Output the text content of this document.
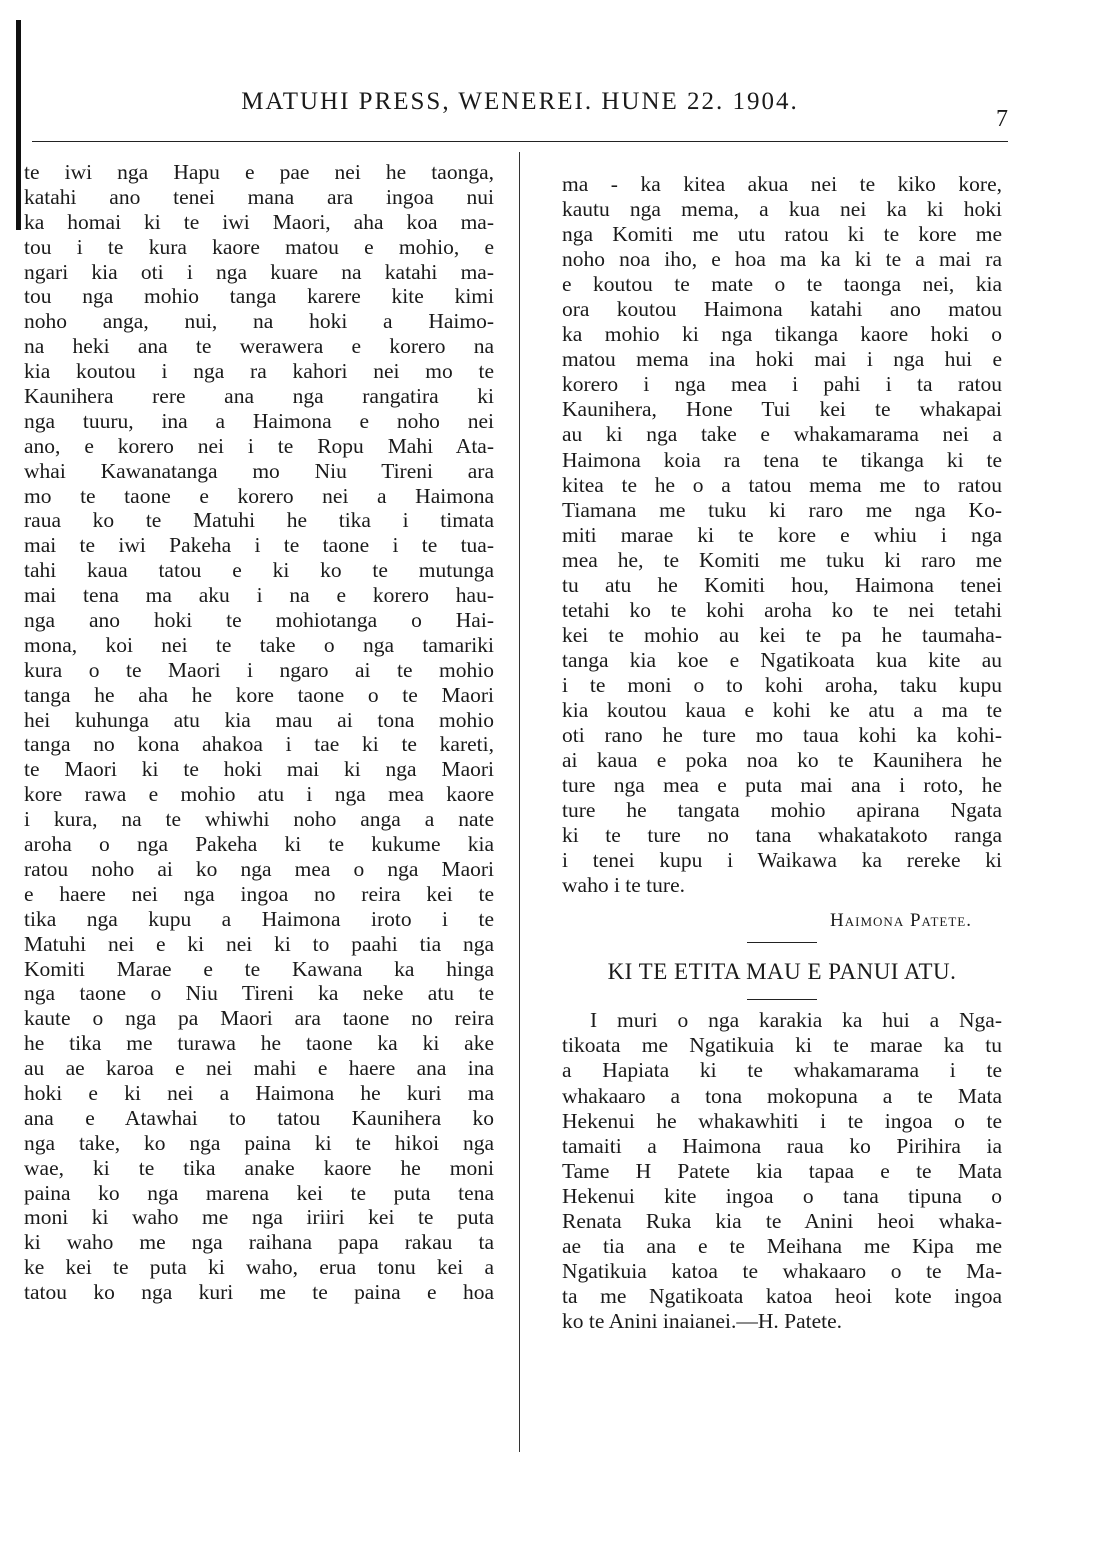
MATUHI PRESS, WENEREI. HUNE 22. 1904.
7
te iwi nga Hapu e pae nei he taonga,
katahi ano tenei mana ara ingoa nui
ka homai ki te iwi Maori, aha koa ma-
tou i te kura kaore matou e mohio, e
ngari kia oti i nga kuare na katahi ma-
tou nga mohio tanga karere kite kimi
noho anga, nui, na hoki a Haimo-
na heki ana te werawera e korero na
kia koutou i nga ra kahori nei mo te
Kaunihera rere ana nga rangatira ki
nga tuuru, ina a Haimona e noho nei
ano, e korero nei i te Ropu Mahi Ata-
whai Kawanatanga mo Niu Tireni ara
mo te taone e korero nei a Haimona
raua ko te Matuhi he tika i timata
mai te iwi Pakeha i te taone i te tua-
tahi kaua tatou e ki ko te mutunga
mai tena ma aku i na e korero hau-
nga ano hoki te mohiotanga o Hai-
mona, koi nei te take o nga tamariki
kura o te Maori i ngaro ai te mohio
tanga he aha he kore taone o te Maori
hei kuhunga atu kia mau ai tona mohio
tanga no kona ahakoa i tae ki te kareti,
te Maori ki te hoki mai ki nga Maori
kore rawa e mohio atu i nga mea kaore
i kura, na te whiwhi noho anga a nate
aroha o nga Pakeha ki te kukume kia
ratou noho ai ko nga mea o nga Maori
e haere nei nga ingoa no reira kei te
tika nga kupu a Haimona iroto i te
Matuhi nei e ki nei ki to paahi tia nga
Komiti Marae e te Kawana ka hinga
nga taone o Niu Tireni ka neke atu te
kaute o nga pa Maori ara taone no reira
he tika me turawa he taone ka ki ake
au ae karoa e nei mahi e haere ana ina
hoki e ki nei a Haimona he kuri ma
ana e Atawhai to tatou Kaunihera ko
nga take, ko nga paina ki te hikoi nga
wae, ki te tika anake kaore he moni
paina ko nga marena kei te puta tena
moni ki waho me nga iriiri kei te puta
ki waho me nga raihana papa rakau ta
ke kei te puta ki waho, erua tonu kei a
tatou ko nga kuri me te paina e hoa
ma - ka kitea akua nei te kiko kore,
kautu nga mema, a kua nei ka ki hoki
nga Komiti me utu ratou ki te kore me
noho noa iho, e hoa ma ka ki te a mai ra
e koutou te mate o te taonga nei, kia
ora koutou Haimona katahi ano matou
ka mohio ki nga tikanga kaore hoki o
matou mema ina hoki mai i nga hui e
korero i nga mea i pahi i ta ratou
Kaunihera, Hone Tui kei te whakapai
au ki nga take e whakamarama nei a
Haimona koia ra tena te tikanga ki te
kitea te he o a tatou mema me to ratou
Tiamana me tuku ki raro me nga Ko-
miti marae ki te kore e whiu i nga
mea he, te Komiti me tuku ki raro me
tu atu he Komiti hou, Haimona tenei
tetahi ko te kohi aroha ko te nei tetahi
kei te mohio au kei te pa he taumaha-
tanga kia koe e Ngatikoata kua kite au
i te moni o to kohi aroha, taku kupu
kia koutou kaua e kohi ke atu a ma te
oti rano he ture mo taua kohi ka kohi-
ai kaua e poka noa ko te Kaunihera he
ture nga mea e puta mai ana i roto, he
ture he tangata mohio apirana Ngata
ki te ture no tana whakatakoto ranga
i tenei kupu i Waikawa ka rereke ki
waho i te ture.
Haimona Patete.
KI TE ETITA MAU E PANUI ATU.
I muri o nga karakia ka hui a Nga-
tikoata me Ngatikuia ki te marae ka tu
a Hapiata ki te whakamarama i te
whakaaro a tona mokopuna a te Mata
Hekenui he whakawhiti i te ingoa o te
tamaiti a Haimona raua ko Pirihira ia
Tame H Patete kia tapaa e te Mata
Hekenui kite ingoa o tana tipuna o
Renata Ruka kia te Anini heoi whaka-
ae tia ana e te Meihana me Kipa me
Ngatikuia katoa te whakaaro o te Ma-
ta me Ngatikoata katoa heoi kote ingoa
ko te Anini inaianei.—H. Patete.
